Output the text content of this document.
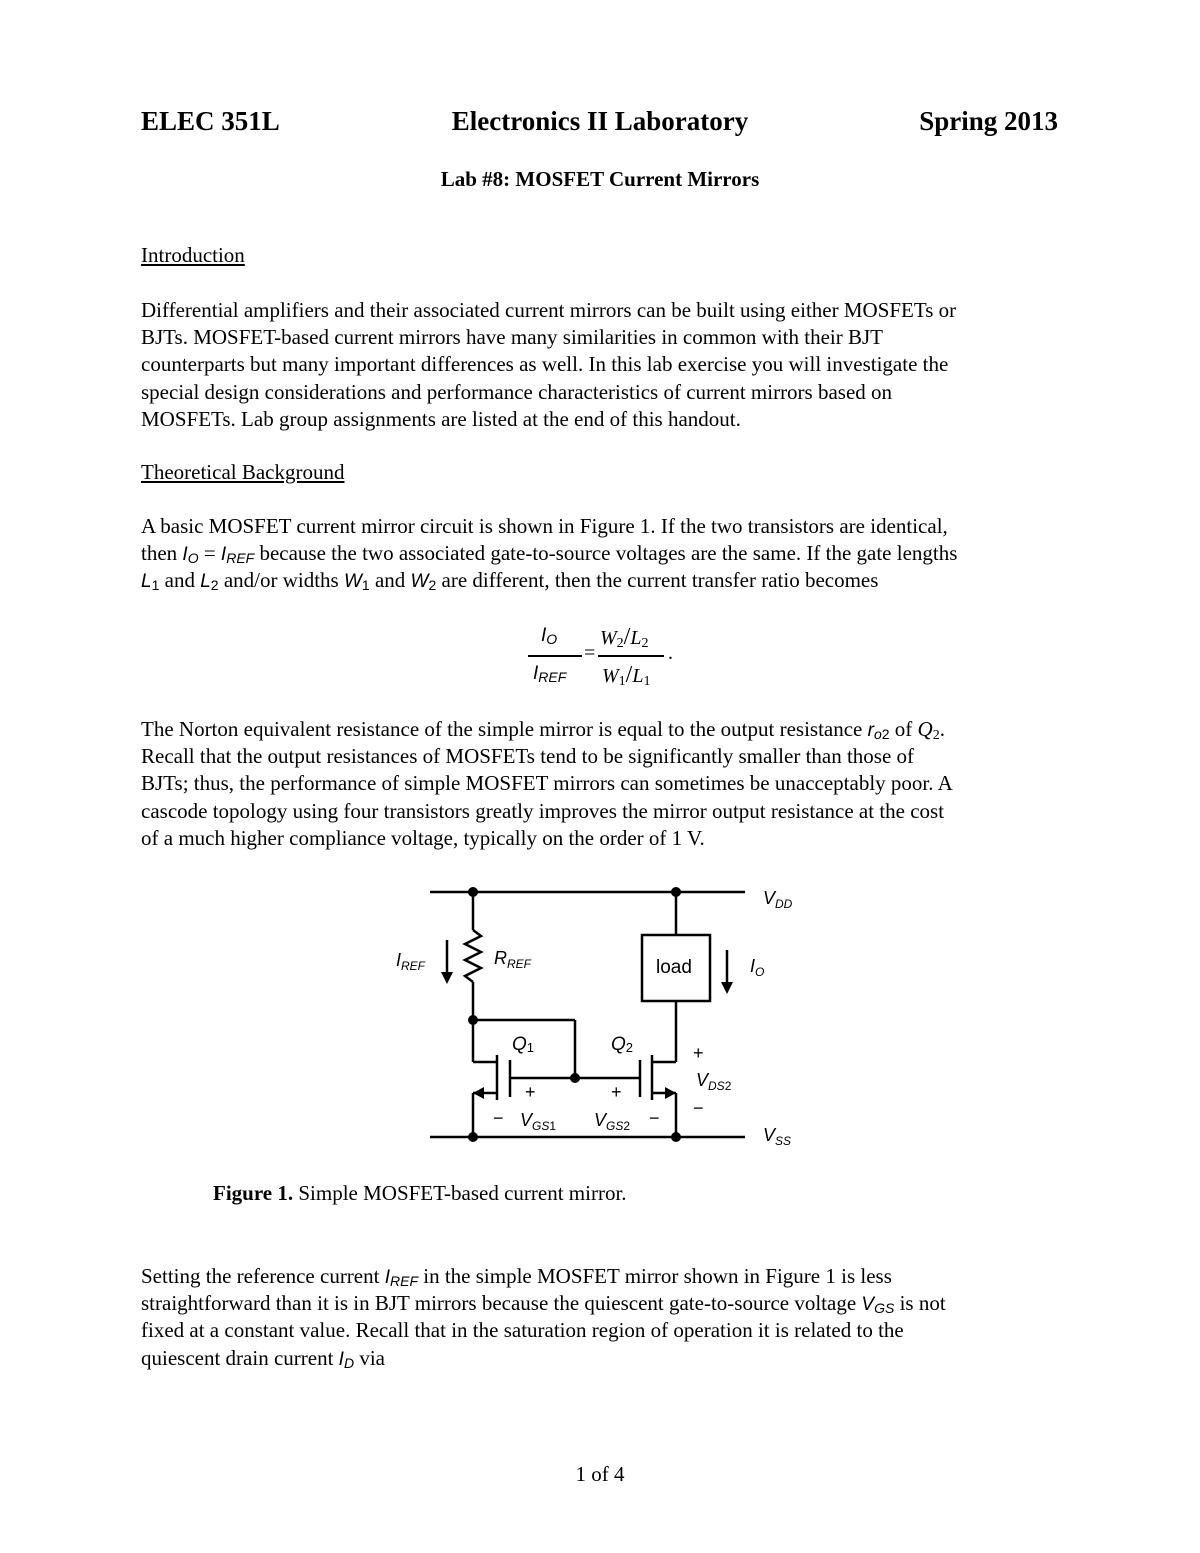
ELEC 351L	Electronics II Laboratory	Spring 2013
Lab #8: MOSFET Current Mirrors
Introduction
Differential amplifiers and their associated current mirrors can be built using either MOSFETs or
BJTs. MOSFET-based current mirrors have many similarities in common with their BJT
counterparts but many important differences as well. In this lab exercise you will investigate the
special design considerations and performance characteristics of current mirrors based on
MOSFETs. Lab group assignments are listed at the end of this handout.
Theoretical Background
A basic MOSFET current mirror circuit is shown in Figure 1. If the two transistors are identical,
then IO = IREF because the two associated gate-to-source voltages are the same. If the gate lengths
L1 and L2 and/or widths W1 and W2 are different, then the current transfer ratio becomes
IO
IREF
=
W2/L2
W1/L1
.
The Norton equivalent resistance of the simple mirror is equal to the output resistance ro2 of Q2.
Recall that the output resistances of MOSFETs tend to be significantly smaller than those of
BJTs; thus, the performance of simple MOSFET mirrors can sometimes be unacceptably poor. A
cascode topology using four transistors greatly improves the mirror output resistance at the cost
of a much higher compliance voltage, typically on the order of 1 V.
$V_{DD}$
$V_{SS}$
$I_{REF}$	$R_{REF}$	load	$I_O$
Q1	Q2
+	+
+
−	− −
$V_{GS}1$ $V_{GS}2$
$V_{DS}2$
Figure 1. Simple MOSFET-based current mirror.
Setting the reference current IREF in the simple MOSFET mirror shown in Figure 1 is less
straightforward than it is in BJT mirrors because the quiescent gate-to-source voltage VGS is not
fixed at a constant value. Recall that in the saturation region of operation it is related to the
quiescent drain current ID via
1 of 4
